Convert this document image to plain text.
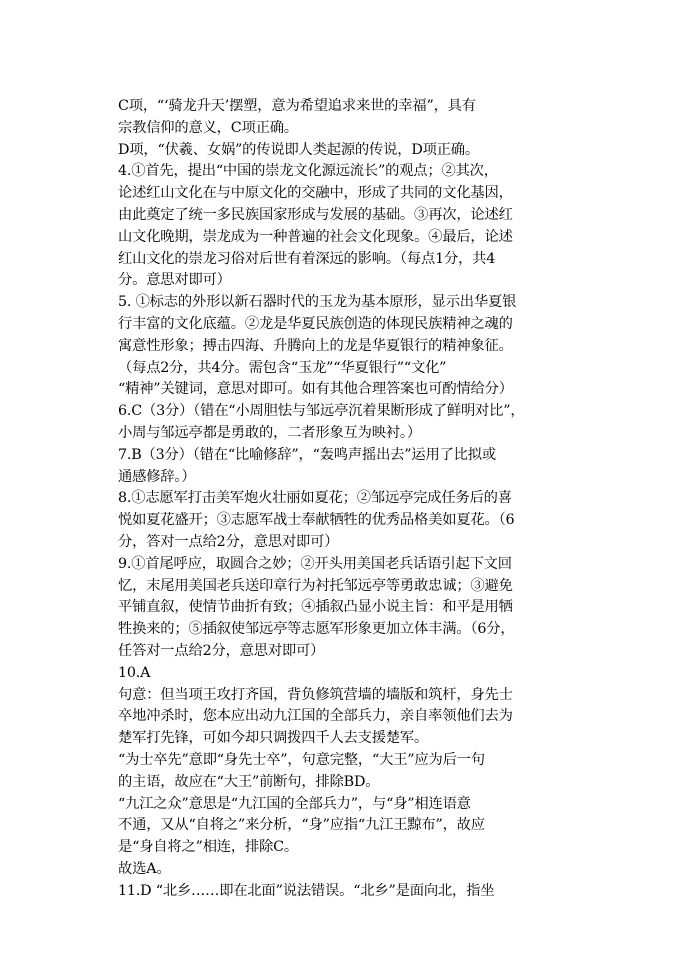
C项，“‘骑龙升天’摆塑，意为希望追求来世的幸福”，具有
宗教信仰的意义，C项正确。
D项，“伏羲、女娲”的传说即人类起源的传说，D项正确。
4.①首先，提出“中国的崇龙文化源远流长”的观点；②其次，
论述红山文化在与中原文化的交融中，形成了共同的文化基因，
由此奠定了统一多民族国家形成与发展的基础。③再次，论述红
山文化晚期，崇龙成为一种普遍的社会文化现象。④最后，论述
红山文化的崇龙习俗对后世有着深远的影响。（每点1分，共4
分。意思对即可）
5. ①标志的外形以新石器时代的玉龙为基本原形，显示出华夏银
行丰富的文化底蕴。②龙是华夏民族创造的体现民族精神之魂的
寓意性形象；搏击四海、升腾向上的龙是华夏银行的精神象征。
（每点2分，共4分。需包含“玉龙”“华夏银行”“文化”
“精神”关键词，意思对即可。如有其他合理答案也可酌情给分）
6.C（3分）（错在“小周胆怯与邹远亭沉着果断形成了鲜明对比”，
小周与邹远亭都是勇敢的，二者形象互为映衬。）
7.B（3分）（错在“比喻修辞”，“轰鸣声摇出去”运用了比拟或
通感修辞。）
8.①志愿军打击美军炮火壮丽如夏花；②邹远亭完成任务后的喜
悦如夏花盛开；③志愿军战士奉献牺牲的优秀品格美如夏花。（6
分，答对一点给2分，意思对即可）
9.①首尾呼应，取圆合之妙；②开头用美国老兵话语引起下文回
忆，末尾用美国老兵送印章行为衬托邹远亭等勇敢忠诚；③避免
平铺直叙，使情节曲折有致；④插叙凸显小说主旨：和平是用牺
牲换来的；⑤插叙使邹远亭等志愿军形象更加立体丰满。（6分，
任答对一点给2分，意思对即可）
10.A
句意：但当项王攻打齐国，背负修筑营墙的墙版和筑杆，身先士
卒地冲杀时，您本应出动九江国的全部兵力，亲自率领他们去为
楚军打先锋，可如今却只调拨四千人去支援楚军。
“为士卒先”意即“身先士卒”，句意完整，“大王”应为后一句
的主语，故应在“大王”前断句，排除BD。
“九江之众”意思是“九江国的全部兵力”，与“身”相连语意
不通，又从“自将之”来分析，“身”应指“九江王黥布”，故应
是“身自将之”相连，排除C。
故选A。
11.D “北乡……即在北面”说法错误。“北乡”是面向北，指坐
